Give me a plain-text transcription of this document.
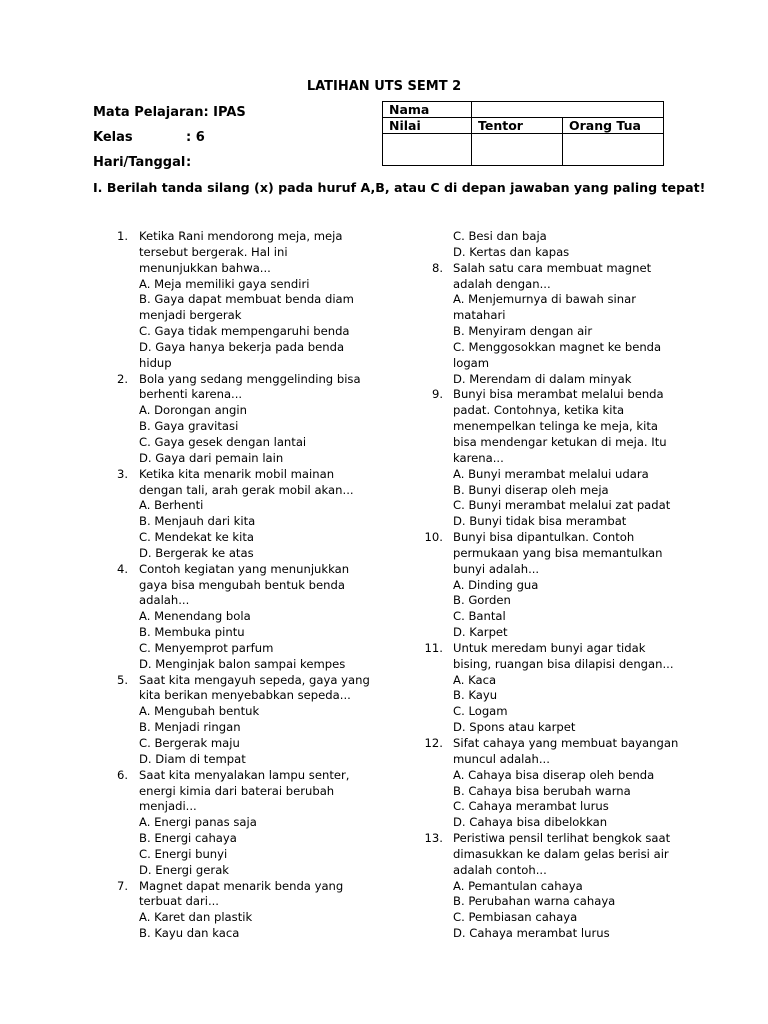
LATIHAN UTS SEMT 2
Mata Pelajaran: IPAS
Kelas	: 6
Hari/Tanggal:
Nama		
Nilai	Tentor	Orang Tua

I. Berilah tanda silang (x) pada huruf A,B, atau C di depan jawaban yang paling tepat!
1. Ketika Rani mendorong meja, meja
tersebut bergerak. Hal ini
menunjukkan bahwa...
A. Meja memiliki gaya sendiri
B. Gaya dapat membuat benda diam
menjadi bergerak
C. Gaya tidak mempengaruhi benda
D. Gaya hanya bekerja pada benda
hidup
2. Bola yang sedang menggelinding bisa
berhenti karena...
A. Dorongan angin
B. Gaya gravitasi
C. Gaya gesek dengan lantai
D. Gaya dari pemain lain
3. Ketika kita menarik mobil mainan
dengan tali, arah gerak mobil akan...
A. Berhenti
B. Menjauh dari kita
C. Mendekat ke kita
D. Bergerak ke atas
4. Contoh kegiatan yang menunjukkan
gaya bisa mengubah bentuk benda
adalah...
A. Menendang bola
B. Membuka pintu
C. Menyemprot parfum
D. Menginjak balon sampai kempes
5. Saat kita mengayuh sepeda, gaya yang
kita berikan menyebabkan sepeda...
A. Mengubah bentuk
B. Menjadi ringan
C. Bergerak maju
D. Diam di tempat
6. Saat kita menyalakan lampu senter,
energi kimia dari baterai berubah
menjadi...
A. Energi panas saja
B. Energi cahaya
C. Energi bunyi
D. Energi gerak
7. Magnet dapat menarik benda yang
terbuat dari...
A. Karet dan plastik
B. Kayu dan kaca
C. Besi dan baja
D. Kertas dan kapas
8. Salah satu cara membuat magnet
adalah dengan...
A. Menjemurnya di bawah sinar
matahari
B. Menyiram dengan air
C. Menggosokkan magnet ke benda
logam
D. Merendam di dalam minyak
9. Bunyi bisa merambat melalui benda
padat. Contohnya, ketika kita
menempelkan telinga ke meja, kita
bisa mendengar ketukan di meja. Itu
karena...
A. Bunyi merambat melalui udara
B. Bunyi diserap oleh meja
C. Bunyi merambat melalui zat padat
D. Bunyi tidak bisa merambat
10. Bunyi bisa dipantulkan. Contoh
permukaan yang bisa memantulkan
bunyi adalah...
A. Dinding gua
B. Gorden
C. Bantal
D. Karpet
11. Untuk meredam bunyi agar tidak
bising, ruangan bisa dilapisi dengan...
A. Kaca
B. Kayu
C. Logam
D. Spons atau karpet
12. Sifat cahaya yang membuat bayangan
muncul adalah...
A. Cahaya bisa diserap oleh benda
B. Cahaya bisa berubah warna
C. Cahaya merambat lurus
D. Cahaya bisa dibelokkan
13. Peristiwa pensil terlihat bengkok saat
dimasukkan ke dalam gelas berisi air
adalah contoh...
A. Pemantulan cahaya
B. Perubahan warna cahaya
C. Pembiasan cahaya
D. Cahaya merambat lurus
